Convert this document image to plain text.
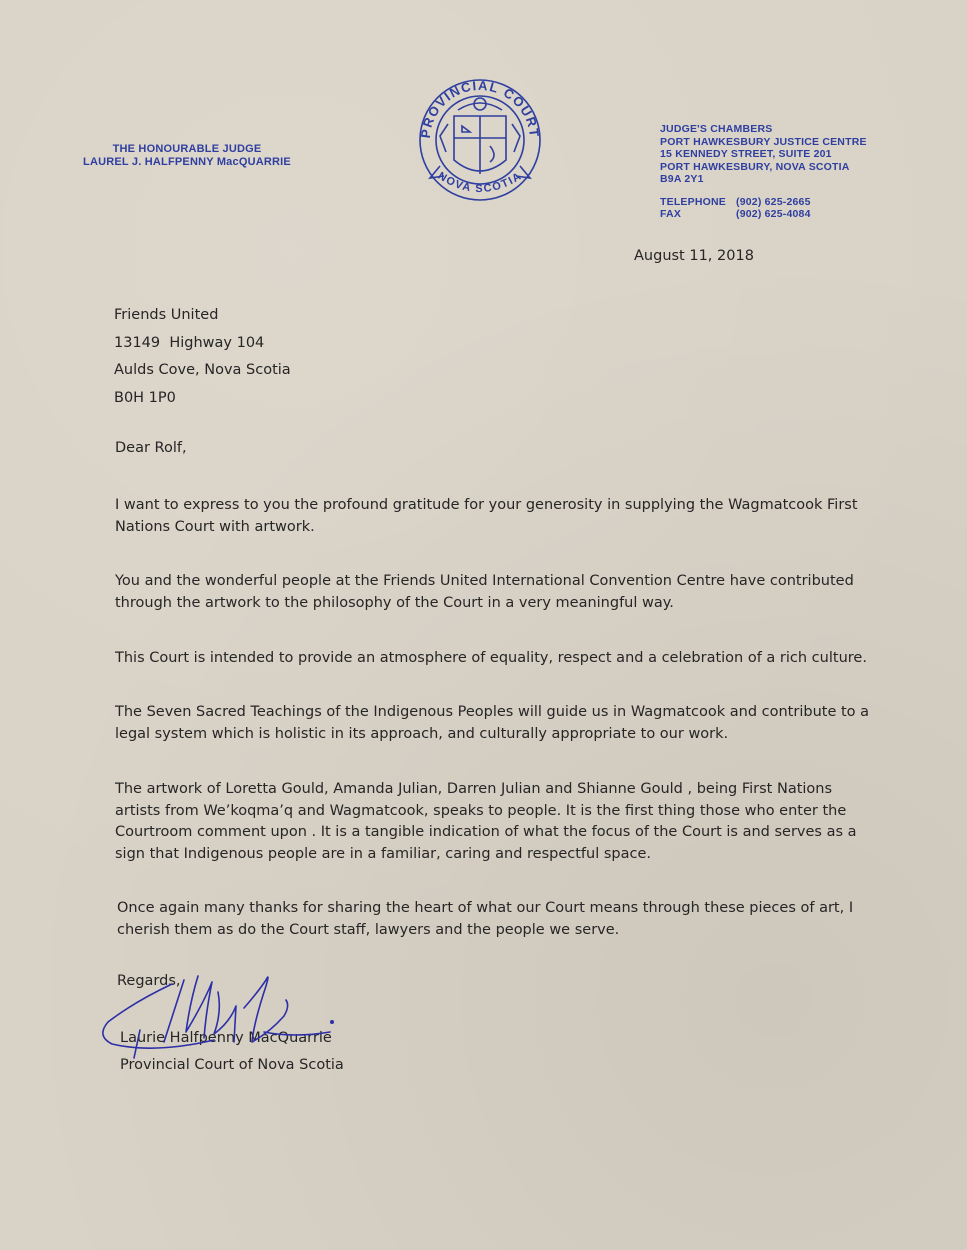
THE HONOURABLE JUDGE
LAUREL J. HALFPENNY MacQUARRIE
PROVINCIAL COURT
NOVA SCOTIA
JUDGE'S CHAMBERS
PORT HAWKESBURY JUSTICE CENTRE
15 KENNEDY STREET, SUITE 201
PORT HAWKESBURY, NOVA SCOTIA
B9A 2Y1
TELEPHONE (902) 625-2665
FAX	(902) 625-4084
August 11, 2018
Friends United
13149  Highway 104
Aulds Cove, Nova Scotia
B0H 1P0
Dear Rolf,

I want to express to you the profound gratitude for your generosity in supplying the Wagmatcook First Nations Court with artwork.

You and the wonderful people at the Friends United International Convention Centre have contributed through the artwork to the philosophy of the Court in a very meaningful way.

This Court is intended to provide an atmosphere of equality, respect and a celebration of a rich culture.

The Seven Sacred Teachings of the Indigenous Peoples will guide us in Wagmatcook and contribute to a legal system which is holistic in its approach, and culturally appropriate to our work.

The artwork of Loretta Gould, Amanda Julian, Darren Julian and Shianne Gould , being First Nations artists from We’koqma’q and Wagmatcook, speaks to people. It is the first thing those who enter the Courtroom comment upon . It is a tangible indication of what the focus of the Court is and serves as a sign that Indigenous people are in a familiar, caring and respectful space.

Once again many thanks for sharing the heart of what our Court means through these pieces of art, I cherish them as do the Court staff, lawyers and the people we serve.

Regards,
Laurie Halfpenny MacQuarrie
Provincial Court of Nova Scotia
